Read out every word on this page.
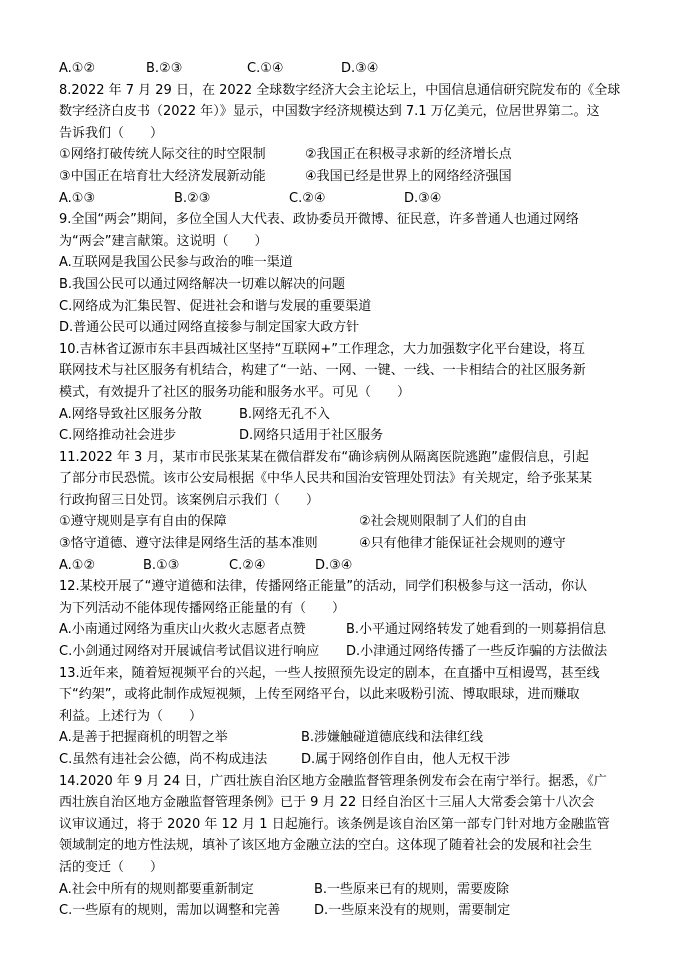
A.①②	B.②③	C.①④	D.③④
8.2022 年 7 月 29 日，在 2022 全球数字经济大会主论坛上，中国信息通信研究院发布的《全球
数字经济白皮书（2022 年）》显示，中国数字经济规模达到 7.1 万亿美元，位居世界第二。这
告诉我们（　　）
①网络打破传统人际交往的时空限制	②我国正在积极寻求新的经济增长点
③中国正在培育壮大经济发展新动能	④我国已经是世界上的网络经济强国
A.①③	B.②③	C.②④	D.③④
9.全国“两会”期间，多位全国人大代表、政协委员开微博、征民意，许多普通人也通过网络
为“两会”建言献策。这说明（　　）
A.互联网是我国公民参与政治的唯一渠道
B.我国公民可以通过网络解决一切难以解决的问题
C.网络成为汇集民智、促进社会和谐与发展的重要渠道
D.普通公民可以通过网络直接参与制定国家大政方针
10.吉林省辽源市东丰县西城社区坚持“互联网+”工作理念，大力加强数字化平台建设，将互
联网技术与社区服务有机结合，构建了“一站、一网、一键、一线、一卡相结合的社区服务新
模式，有效提升了社区的服务功能和服务水平。可见（　　）
A.网络导致社区服务分散	B.网络无孔不入
C.网络推动社会进步	D.网络只适用于社区服务
11.2022 年 3 月，某市市民张某某在微信群发布“确诊病例从隔离医院逃跑”虚假信息，引起
了部分市民恐慌。该市公安局根据《中华人民共和国治安管理处罚法》有关规定，给予张某某
行政拘留三日处罚。该案例启示我们（　　）
①遵守规则是享有自由的保障	②社会规则限制了人们的自由
③恪守道德、遵守法律是网络生活的基本准则	④只有他律才能保证社会规则的遵守
A.①②	B.①③	C.②④	D.③④
12.某校开展了“遵守道德和法律，传播网络正能量”的活动，同学们积极参与这一活动，你认
为下列活动不能体现传播网络正能量的有（　　）
A.小南通过网络为重庆山火救火志愿者点赞	B.小平通过网络转发了她看到的一则募捐信息
C.小剑通过网络对开展诚信考试倡议进行响应	D.小津通过网络传播了一些反诈骗的方法做法
13.近年来，随着短视频平台的兴起，一些人按照预先设定的剧本，在直播中互相谩骂，甚至线
下“约架”，或将此制作成短视频，上传至网络平台，以此来吸粉引流、博取眼球，进而赚取
利益。上述行为（　　）
A.是善于把握商机的明智之举	B.涉嫌触碰道德底线和法律红线
C.虽然有违社会公德，尚不构成违法	D.属于网络创作自由，他人无权干涉
14.2020 年 9 月 24 日，广西壮族自治区地方金融监督管理条例发布会在南宁举行。据悉，《广
西壮族自治区地方金融监督管理条例》已于 9 月 22 日经自治区十三届人大常委会第十八次会
议审议通过，将于 2020 年 12 月 1 日起施行。该条例是该自治区第一部专门针对地方金融监管
领域制定的地方性法规，填补了该区地方金融立法的空白。这体现了随着社会的发展和社会生
活的变迁（　　）
A.社会中所有的规则都要重新制定	B.一些原来已有的规则，需要废除
C.一些原有的规则，需加以调整和完善	D.一些原来没有的规则，需要制定
